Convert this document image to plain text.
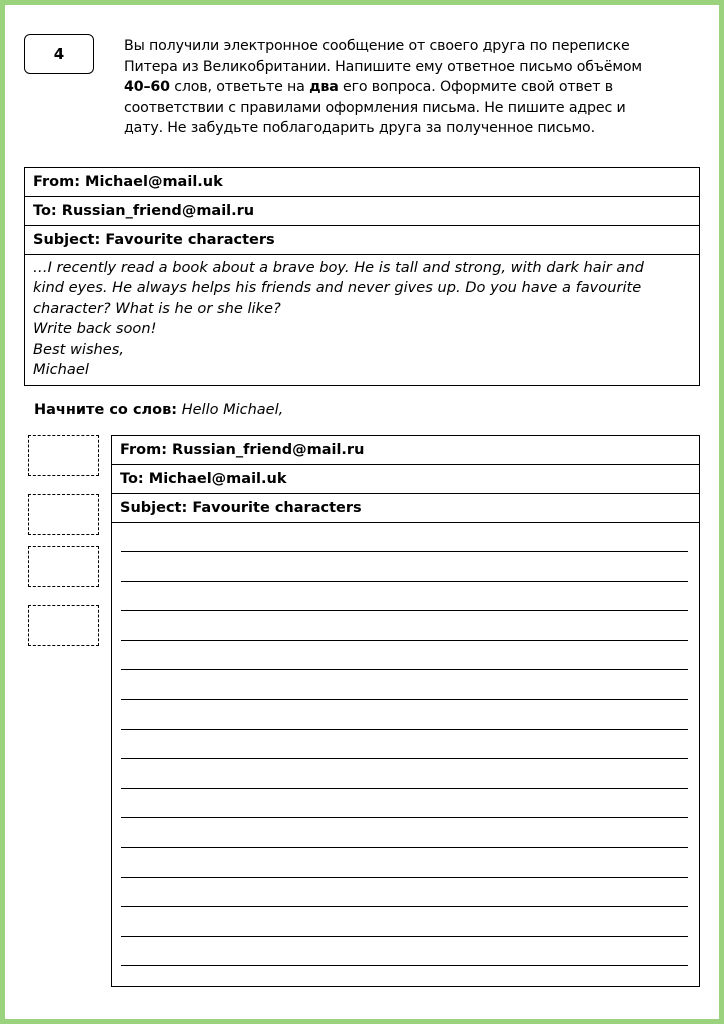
4	Вы получили электронное сообщение от своего друга по переписке
Питера из Великобритании. Напишите ему ответное письмо объёмом
40–60 слов, ответьте на два его вопроса. Оформите свой ответ в
соответствии с правилами оформления письма. Не пишите адрес и
дату. Не забудьте поблагодарить друга за полученное письмо.
From: Michael@mail.uk
To: Russian_friend@mail.ru
Subject: Favourite characters
…I recently read a book about a brave boy. He is tall and strong, with dark hair and
kind eyes. He always helps his friends and never gives up. Do you have a favourite
character? What is he or she like?
Write back soon!
Best wishes,
Michael
Начните со слов: Hello Michael,
From: Russian_friend@mail.ru
To: Michael@mail.uk
Subject: Favourite characters
